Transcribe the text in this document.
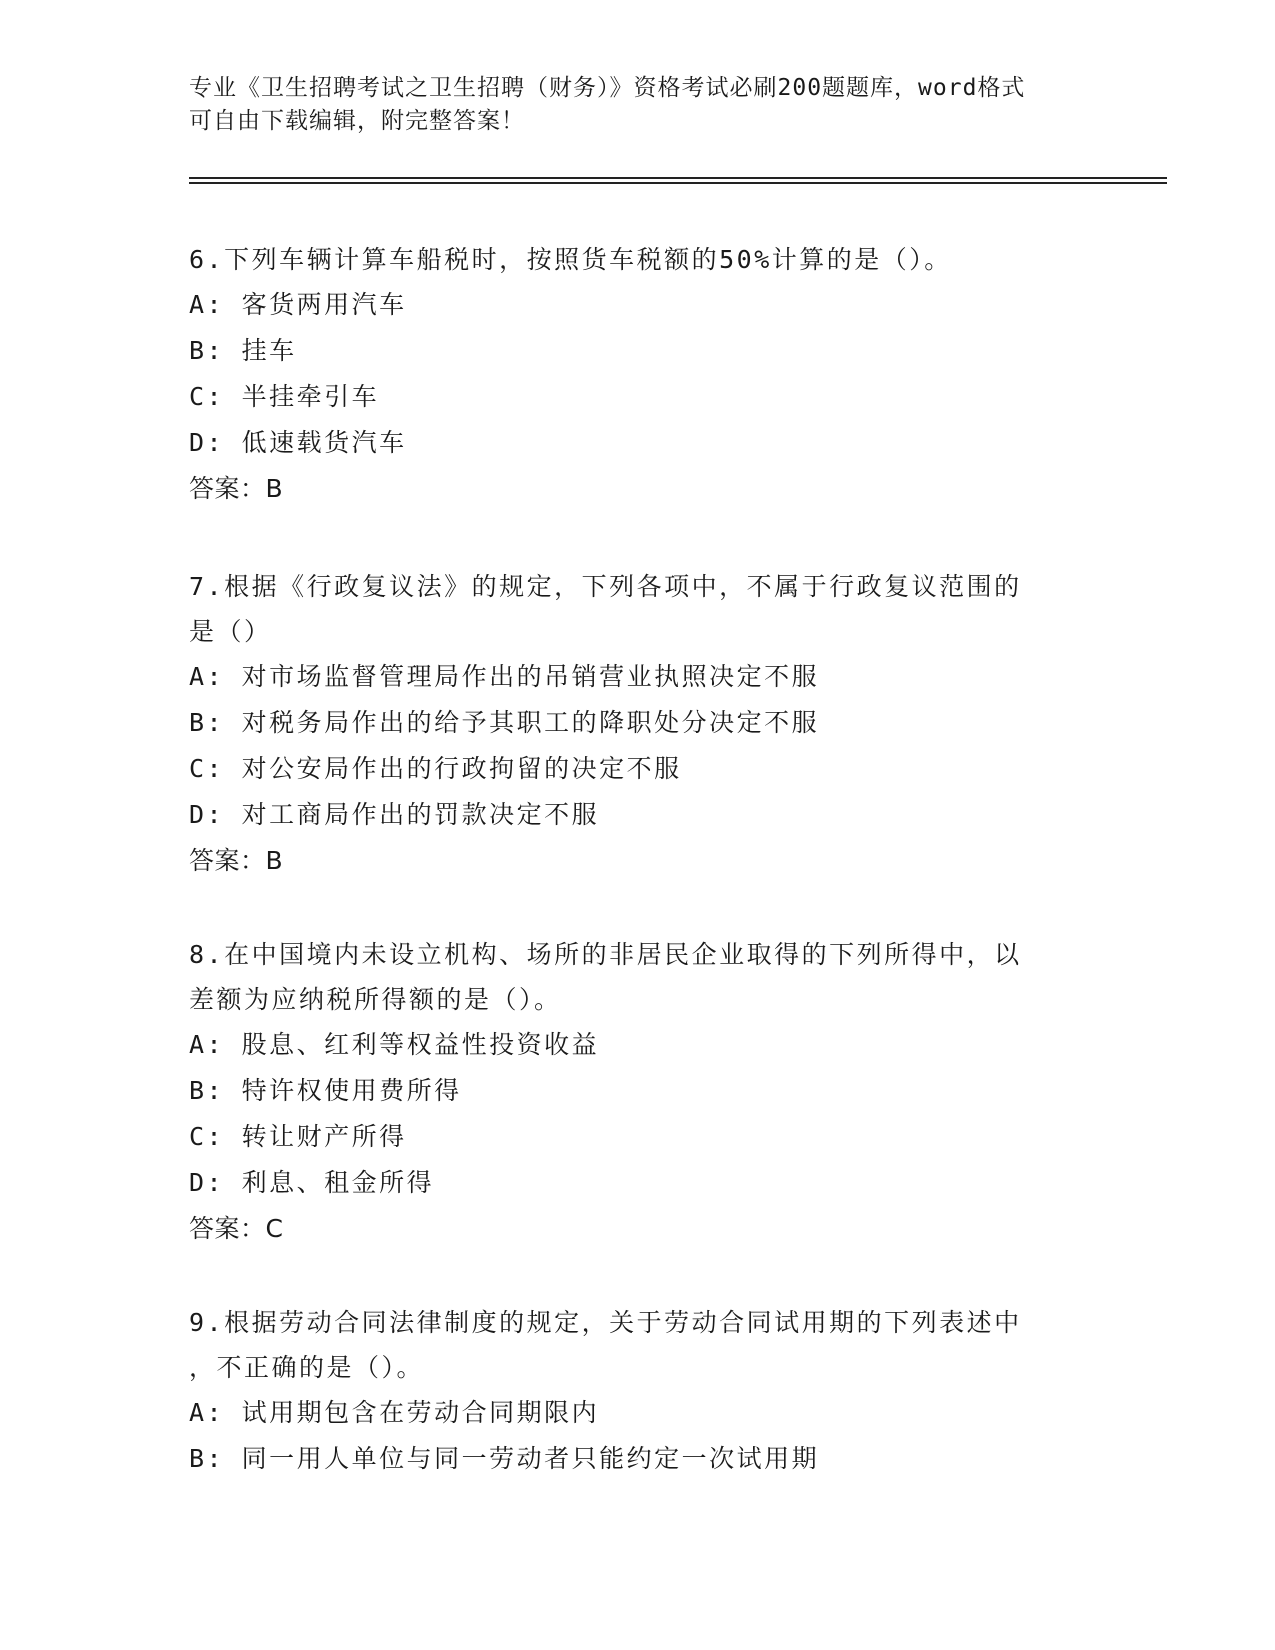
专业《卫生招聘考试之卫生招聘（财务）》资格考试必刷200题题库，word格式
可自由下载编辑，附完整答案！
6.下列车辆计算车船税时，按照货车税额的50%计算的是（）。
A: 客货两用汽车
B: 挂车
C: 半挂牵引车
D: 低速载货汽车
答案：B
7.根据《行政复议法》的规定，下列各项中，不属于行政复议范围的
是（）
A: 对市场监督管理局作出的吊销营业执照决定不服
B: 对税务局作出的给予其职工的降职处分决定不服
C: 对公安局作出的行政拘留的决定不服
D: 对工商局作出的罚款决定不服
答案：B
8.在中国境内未设立机构、场所的非居民企业取得的下列所得中，以
差额为应纳税所得额的是（）。
A: 股息、红利等权益性投资收益
B: 特许权使用费所得
C: 转让财产所得
D: 利息、租金所得
答案：C
9.根据劳动合同法律制度的规定，关于劳动合同试用期的下列表述中
，不正确的是（）。
A: 试用期包含在劳动合同期限内
B: 同一用人单位与同一劳动者只能约定一次试用期
